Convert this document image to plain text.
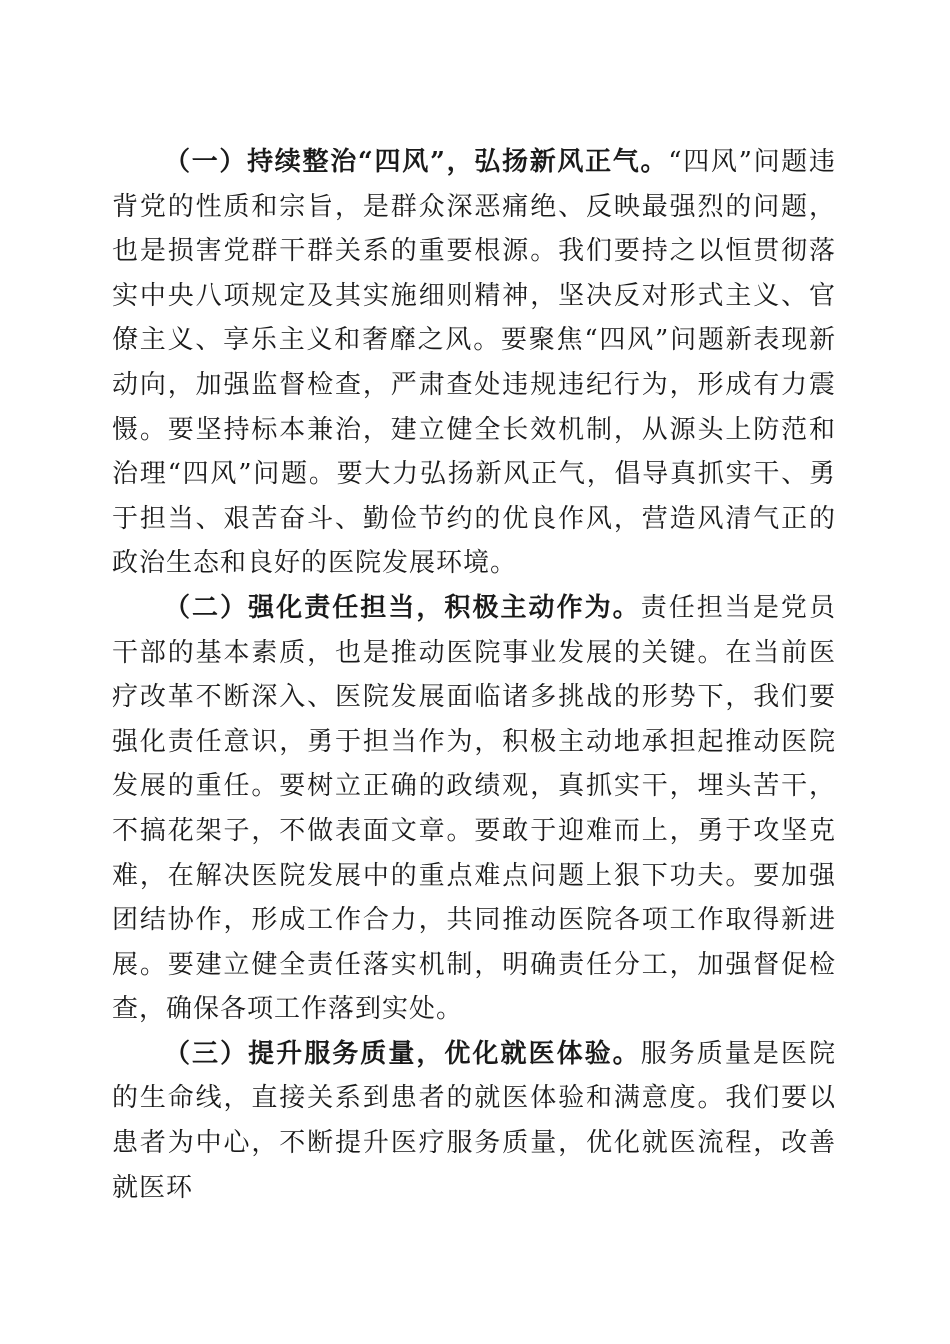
（一）持续整治“四风”，弘扬新风正气。“四风”问题违背党的性质和宗旨，是群众深恶痛绝、反映最强烈的问题，也是损害党群干群关系的重要根源。我们要持之以恒贯彻落实中央八项规定及其实施细则精神，坚决反对形式主义、官僚主义、享乐主义和奢靡之风。要聚焦“四风”问题新表现新动向，加强监督检查，严肃查处违规违纪行为，形成有力震慑。要坚持标本兼治，建立健全长效机制，从源头上防范和治理“四风”问题。要大力弘扬新风正气，倡导真抓实干、勇于担当、艰苦奋斗、勤俭节约的优良作风，营造风清气正的政治生态和良好的医院发展环境。

（二）强化责任担当，积极主动作为。责任担当是党员干部的基本素质，也是推动医院事业发展的关键。在当前医疗改革不断深入、医院发展面临诸多挑战的形势下，我们要强化责任意识，勇于担当作为，积极主动地承担起推动医院发展的重任。要树立正确的政绩观，真抓实干，埋头苦干，不搞花架子，不做表面文章。要敢于迎难而上，勇于攻坚克难，在解决医院发展中的重点难点问题上狠下功夫。要加强团结协作，形成工作合力，共同推动医院各项工作取得新进展。要建立健全责任落实机制，明确责任分工，加强督促检查，确保各项工作落到实处。

（三）提升服务质量，优化就医体验。服务质量是医院的生命线，直接关系到患者的就医体验和满意度。我们要以患者为中心，不断提升医疗服务质量，优化就医流程，改善就医环
